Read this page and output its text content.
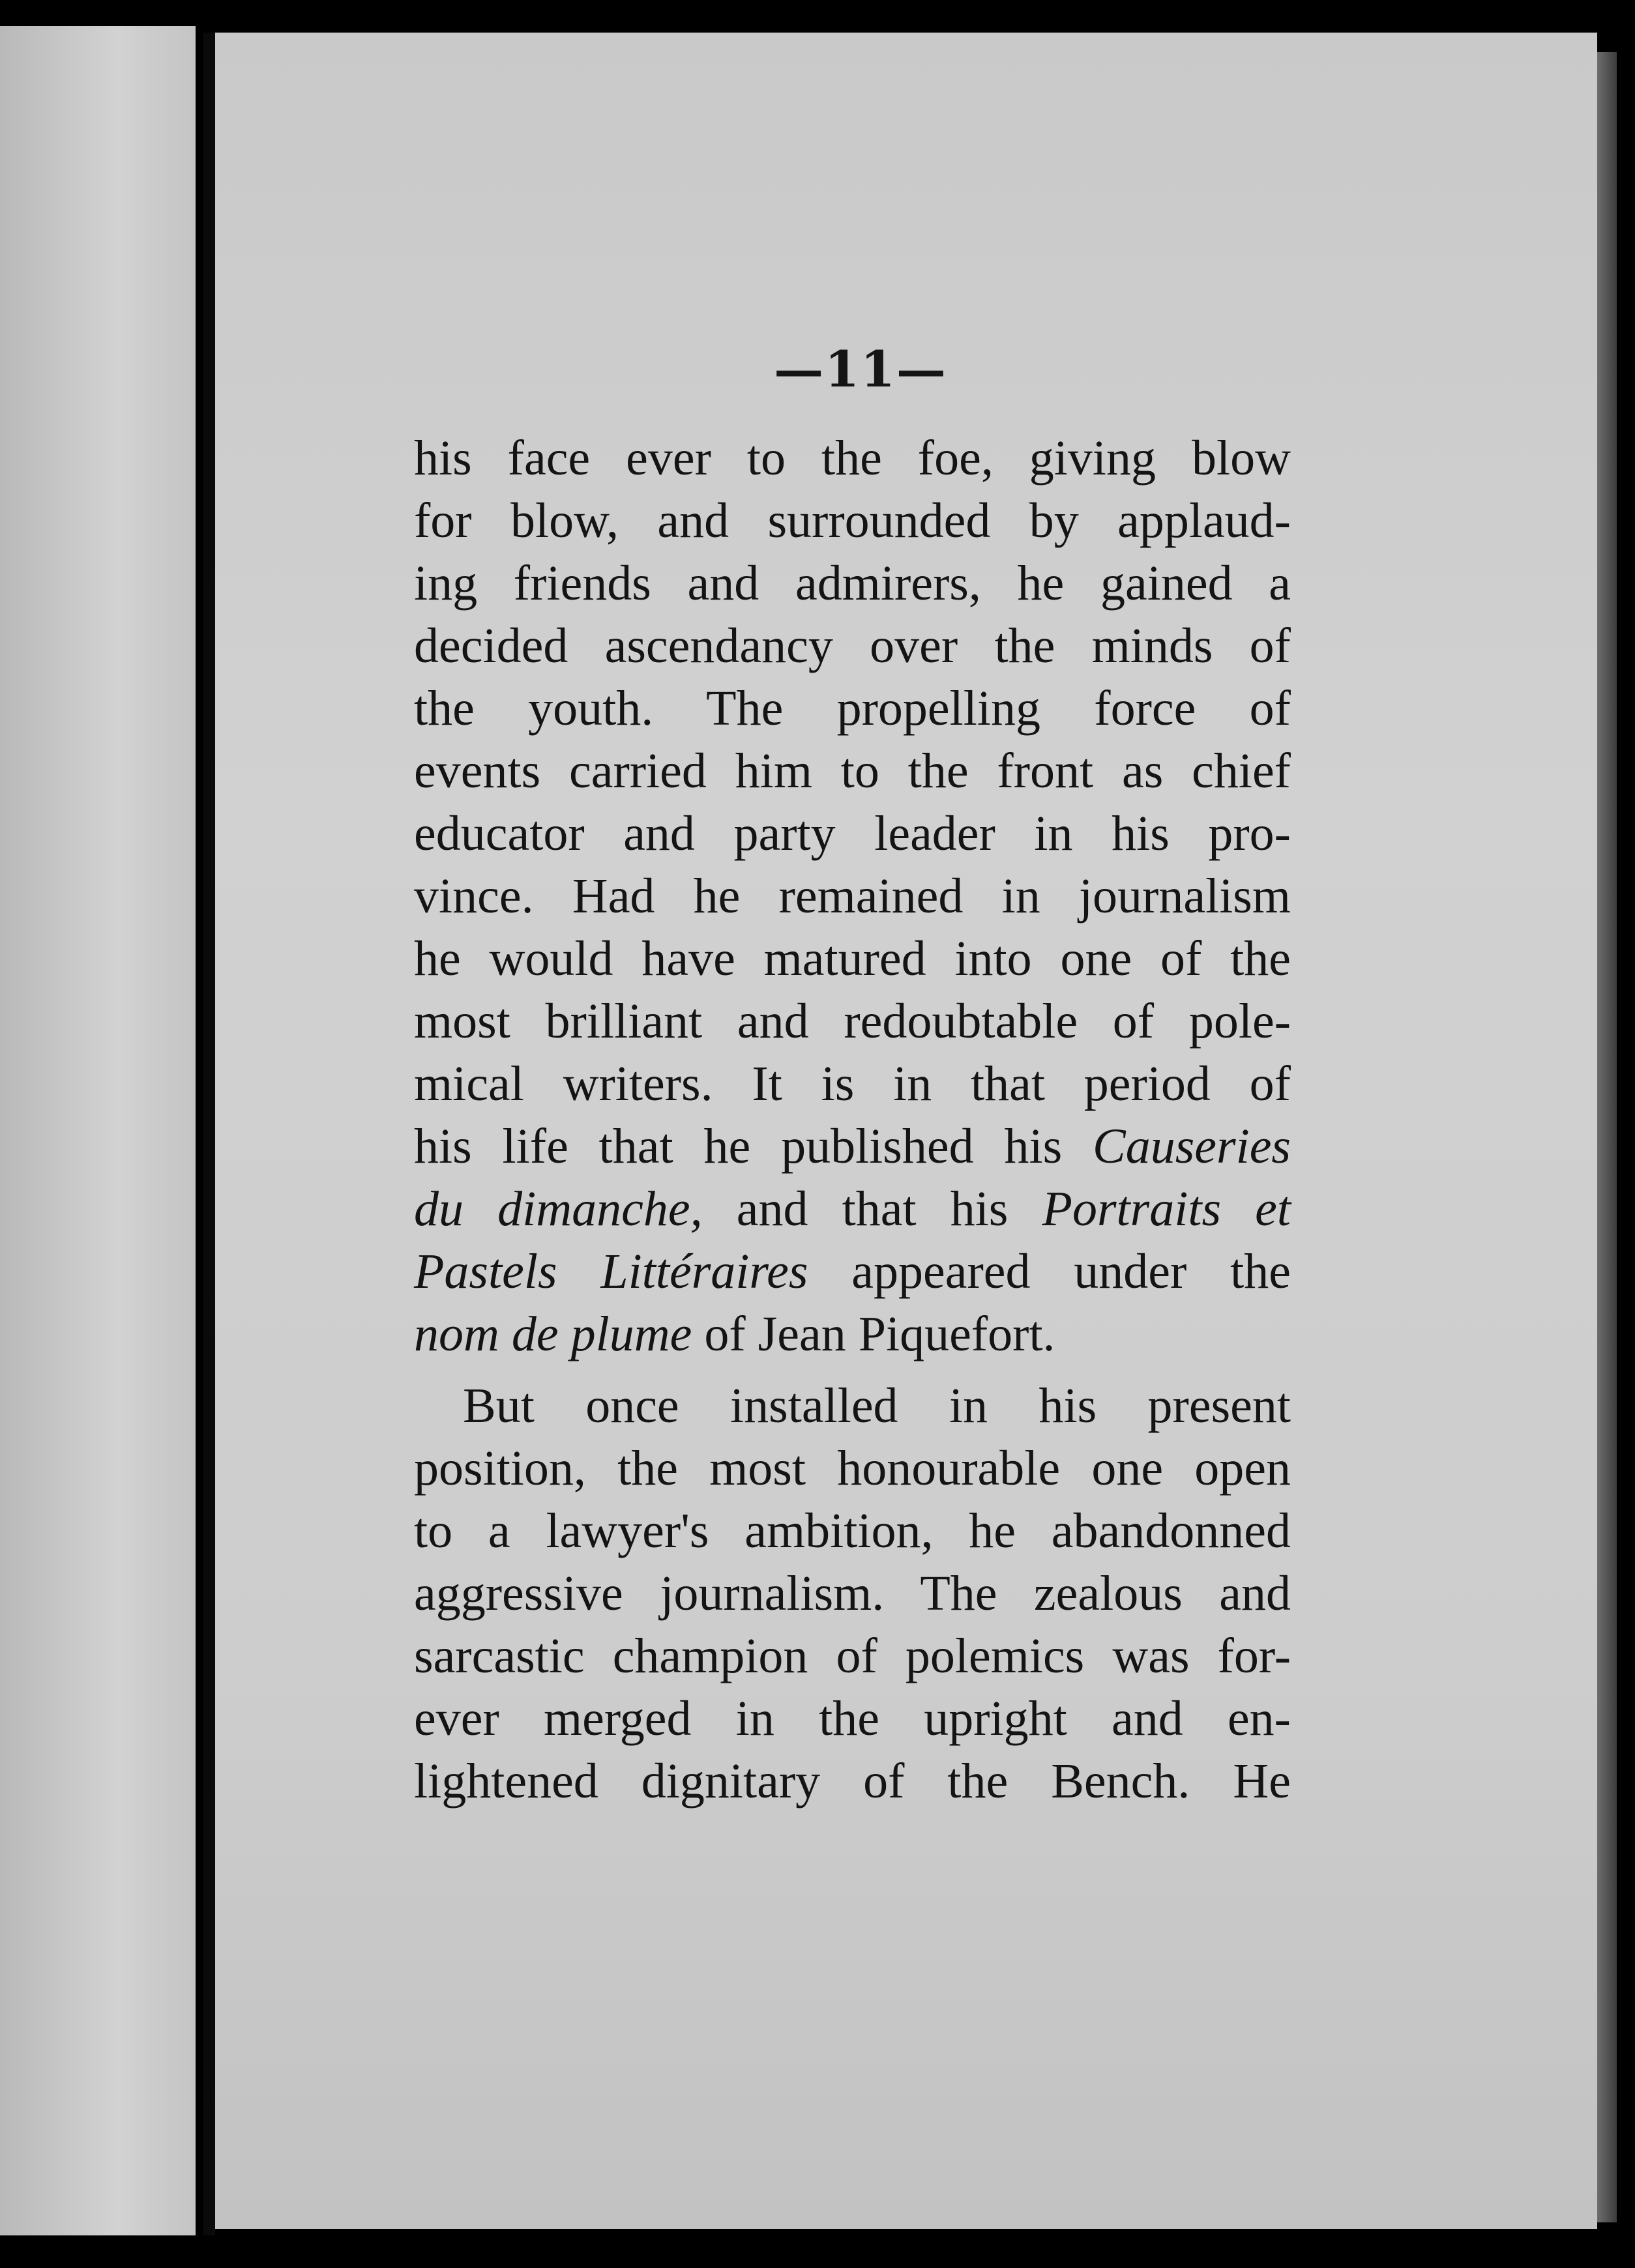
—11—
his face ever to the foe, giving blow
for blow, and surrounded by applaud-
ing friends and admirers, he gained a
decided ascendancy over the minds of
the youth. The propelling force of
events carried him to the front as chief
educator and party leader in his pro-
vince. Had he remained in journalism
he would have matured into one of the
most brilliant and redoubtable of pole-
mical writers. It is in that period of
his life that he published his Causeries
du dimanche, and that his Portraits et
Pastels Littéraires appeared under the
nom de plume of Jean Piquefort.
But once installed in his present
position, the most honourable one open
to a lawyer's ambition, he abandonned
aggressive journalism. The zealous and
sarcastic champion of polemics was for-
ever merged in the upright and en-
lightened dignitary of the Bench. He
